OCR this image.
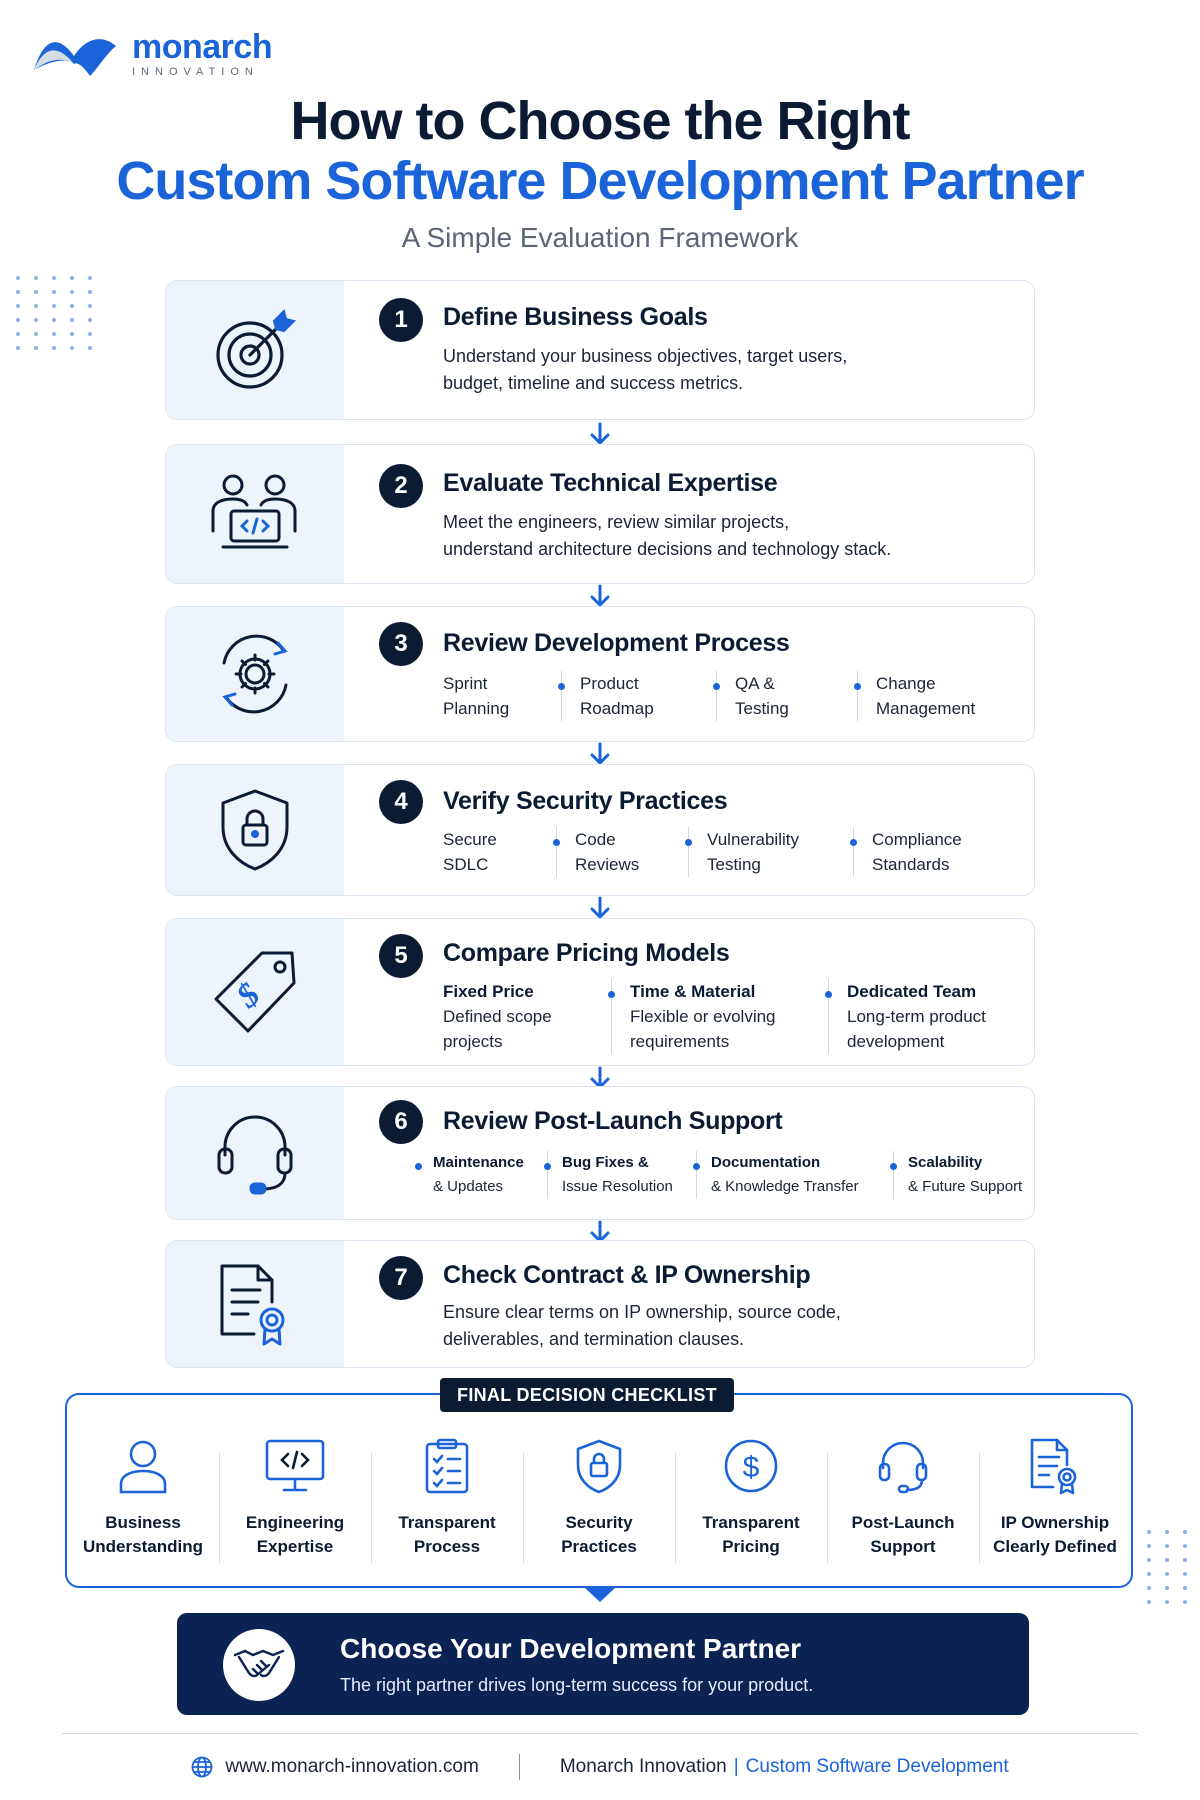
monarch
INNOVATION
How to Choose the Right
Custom Software Development Partner
A Simple Evaluation Framework
1	Define Business Goals
Understand your business objectives, target users,
budget, timeline and success metrics.
2	Evaluate Technical Expertise
Meet the engineers, review similar projects,
understand architecture decisions and technology stack.
3	Review Development Process
Sprint
Planning
Product
Roadmap
QA &
Testing
Change
Management
4	Verify Security Practices
Secure
SDLC
Code
Reviews
Vulnerability
Testing
Compliance
Standards
$
5	Compare Pricing Models
Fixed Price
Defined scope
projects
Time & Material
Flexible or evolving
requirements
Dedicated Team
Long-term product
development
6	Review Post-Launch Support
Maintenance
& Updates
Bug Fixes &
Issue Resolution
Documentation
& Knowledge Transfer
Scalability
& Future Support
7	Check Contract & IP Ownership
Ensure clear terms on IP ownership, source code,
deliverables, and termination clauses.
Business
Understanding
Engineering
Expertise
Transparent
Process
Security
Practices
$
Transparent
Pricing
Post-Launch
Support
IP Ownership
Clearly Defined
FINAL DECISION CHECKLIST
Choose Your Development Partner
The right partner drives long-term success for your product.
www.monarch-innovation.com	Monarch Innovation | Custom Software Development
